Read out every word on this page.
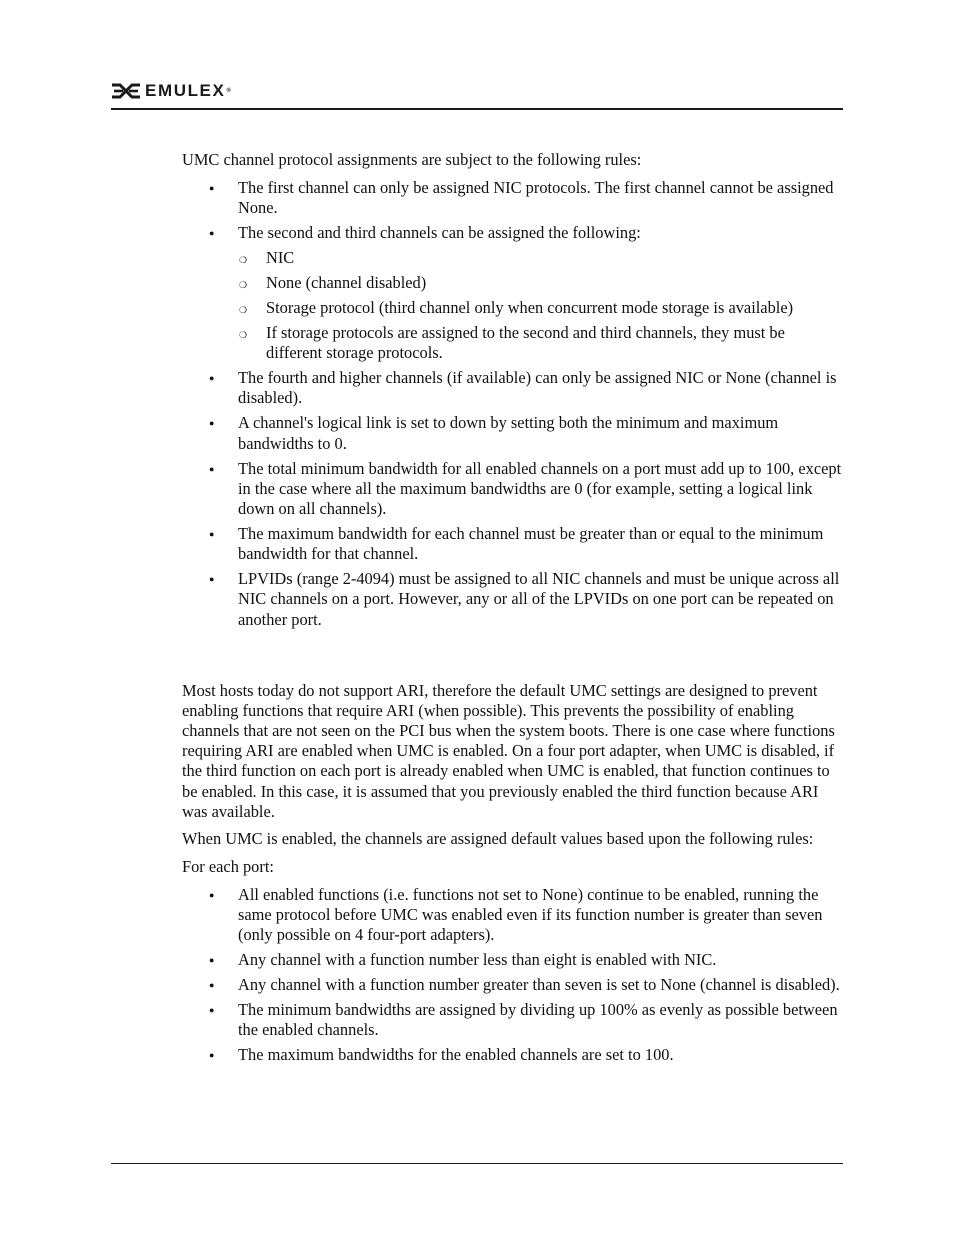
EMULEX®

UMC channel protocol assignments are subject to the following rules:

● The first channel can only be assigned NIC protocols. The first channel cannot be assigned None.
● The second and third channels can be assigned the following:
❍ NIC
❍ None (channel disabled)
❍ Storage protocol (third channel only when concurrent mode storage is available)
❍ If storage protocols are assigned to the second and third channels, they must be different storage protocols.
● The fourth and higher channels (if available) can only be assigned NIC or None (channel is disabled).
● A channel's logical link is set to down by setting both the minimum and maximum bandwidths to 0.
● The total minimum bandwidth for all enabled channels on a port must add up to 100, except in the case where all the maximum bandwidths are 0 (for example, setting a logical link down on all channels).
● The maximum bandwidth for each channel must be greater than or equal to the minimum bandwidth for that channel.
● LPVIDs (range 2-4094) must be assigned to all NIC channels and must be unique across all NIC channels on a port. However, any or all of the LPVIDs on one port can be repeated on another port.

Most hosts today do not support ARI, therefore the default UMC settings are designed to prevent enabling functions that require ARI (when possible). This prevents the possibility of enabling channels that are not seen on the PCI bus when the system boots. There is one case where functions requiring ARI are enabled when UMC is enabled. On a four port adapter, when UMC is disabled, if the third function on each port is already enabled when UMC is enabled, that function continues to be enabled. In this case, it is assumed that you previously enabled the third function because ARI was available.

When UMC is enabled, the channels are assigned default values based upon the following rules:

For each port:

● All enabled functions (i.e. functions not set to None) continue to be enabled, running the same protocol before UMC was enabled even if its function number is greater than seven (only possible on 4 four-port adapters).
● Any channel with a function number less than eight is enabled with NIC.
● Any channel with a function number greater than seven is set to None (channel is disabled).
● The minimum bandwidths are assigned by dividing up 100% as evenly as possible between the enabled channels.
● The maximum bandwidths for the enabled channels are set to 100.
